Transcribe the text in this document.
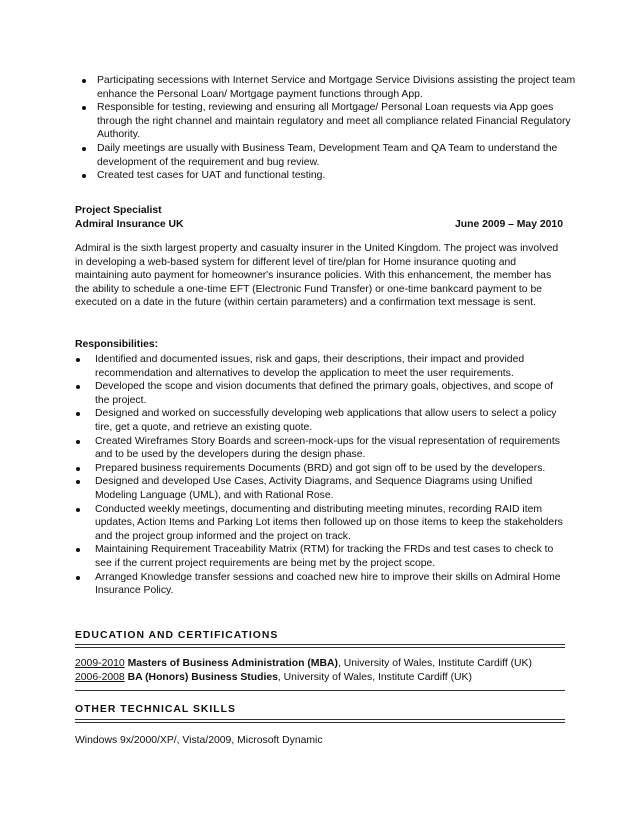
Participating secessions with Internet Service and Mortgage Service Divisions assisting the project team enhance the Personal Loan/ Mortgage payment functions through App.
Responsible for testing, reviewing and ensuring all Mortgage/ Personal Loan requests via App goes through the right channel and maintain regulatory and meet all compliance related Financial Regulatory Authority.
Daily meetings are usually with Business Team, Development Team and QA Team to understand the development of the requirement and bug review.
Created test cases for UAT and functional testing.
Project Specialist
Admiral Insurance UK	June 2009 – May 2010

Admiral is the sixth largest property and casualty insurer in the United Kingdom. The project was involved in developing a web-based system for different level of tire/plan for Home insurance quoting and maintaining auto payment for homeowner's insurance policies. With this enhancement, the member has the ability to schedule a one-time EFT (Electronic Fund Transfer) or one-time bankcard payment to be executed on a date in the future (within certain parameters) and a confirmation text message is sent.

Responsibilities:
Identified and documented issues, risk and gaps, their descriptions, their impact and provided recommendation and alternatives to develop the application to meet the user requirements.
Developed the scope and vision documents that defined the primary goals, objectives, and scope of the project.
Designed and worked on successfully developing web applications that allow users to select a policy tire, get a quote, and retrieve an existing quote.
Created Wireframes Story Boards and screen-mock-ups for the visual representation of requirements and to be used by the developers during the design phase.
Prepared business requirements Documents (BRD) and got sign off to be used by the developers.
Designed and developed Use Cases, Activity Diagrams, and Sequence Diagrams using Unified Modeling Language (UML), and with Rational Rose.
Conducted weekly meetings, documenting and distributing meeting minutes, recording RAID item updates, Action Items and Parking Lot items then followed up on those items to keep the stakeholders and the project group informed and the project on track.
Maintaining Requirement Traceability Matrix (RTM) for tracking the FRDs and test cases to check to see if the current project requirements are being met by the project scope.
Arranged Knowledge transfer sessions and coached new hire to improve their skills on Admiral Home Insurance Policy.
EDUCATION AND CERTIFICATIONS
2009-2010 Masters of Business Administration (MBA), University of Wales, Institute Cardiff (UK)
2006-2008 BA (Honors) Business Studies, University of Wales, Institute Cardiff (UK)
OTHER TECHNICAL SKILLS
Windows 9x/2000/XP/, Vista/2009, Microsoft Dynamic
